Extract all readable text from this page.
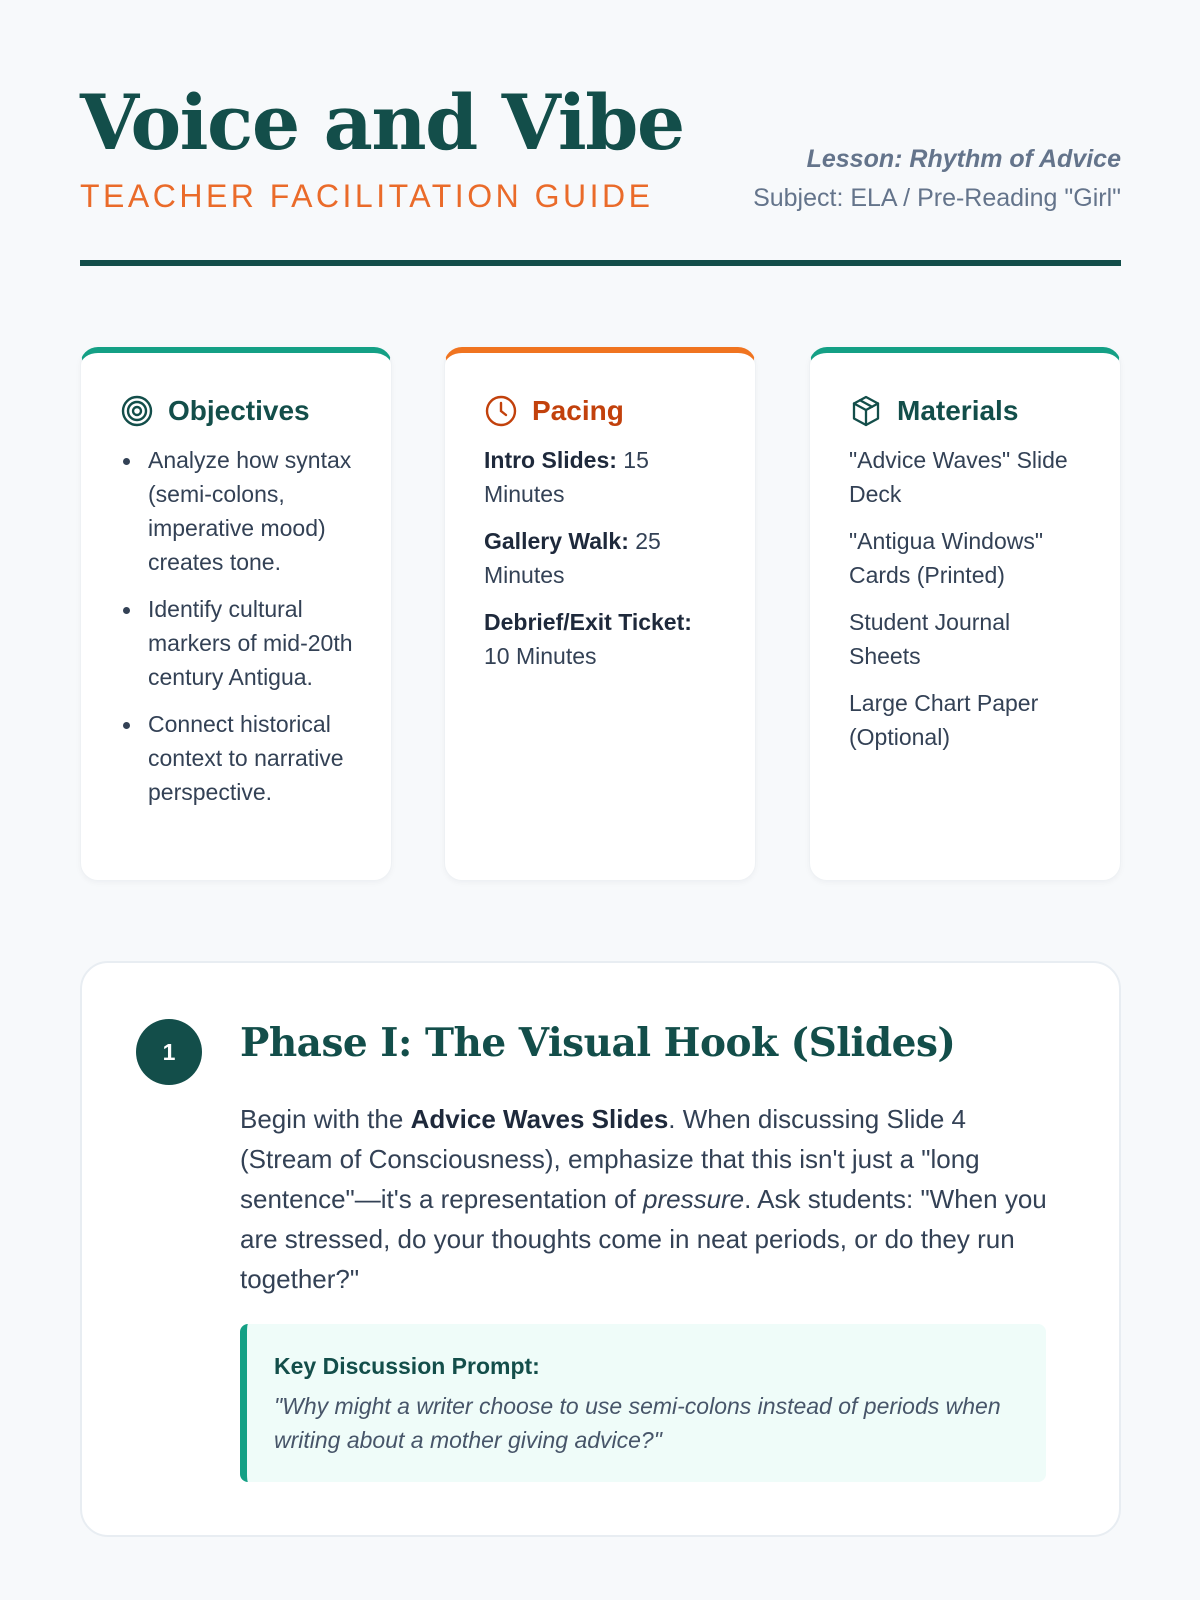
Voice and Vibe
TEACHER FACILITATION GUIDE
Lesson: Rhythm of Advice
Subject: ELA / Pre-Reading "Girl"
Objectives
Analyze how syntax (semi-colons, imperative mood) creates tone.
Identify cultural markers of mid-20th century Antigua.
Connect historical context to narrative perspective.
Pacing
Intro Slides: 15 Minutes
Gallery Walk: 25 Minutes
Debrief/Exit Ticket: 10 Minutes
Materials
"Advice Waves" Slide Deck
"Antigua Windows" Cards (Printed)
Student Journal Sheets
Large Chart Paper (Optional)
1	Phase I: The Visual Hook (Slides)

Begin with the Advice Waves Slides. When discussing Slide 4 (Stream of Consciousness), emphasize that this isn't just a "long sentence"—it's a representation of pressure. Ask students: "When you are stressed, do your thoughts come in neat periods, or do they run together?"

Key Discussion Prompt:
"Why might a writer choose to use semi-colons instead of periods when writing about a mother giving advice?"
